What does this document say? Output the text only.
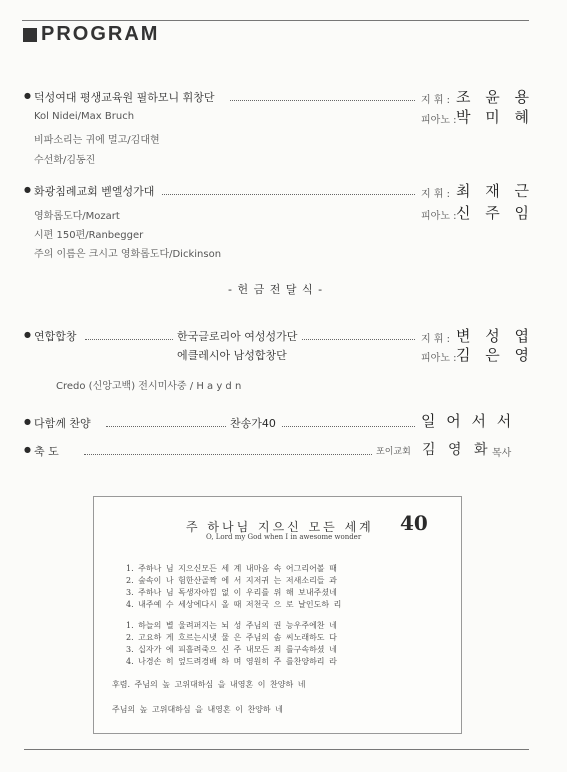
PROGRAM
● 덕성여대 평생교육원 필하모니 휘창단	지 휘 : 조 윤 용
Kol Nidei/Max Bruch	피아노 : 박 미 혜
비파소리는 귀에 멀고/김대현
수선화/김동진
● 화광침례교회 벧엘성가대	지 휘 : 최 재 근
영화롭도다/Mozart	피아노 : 신 주 임
시편 150편/Ranbegger
주의 이름은 크시고 영화롭도다/Dickinson
- 헌 금 전 달 식 -
● 연합합창	한국글로리아 여성성가단	지 휘 : 변 성 엽
에클레시아 남성합창단	피아노 : 김 은 영
Credo (신앙고백) 전시미사중 / H a y d n
● 다함께 찬양	찬송가40	일 어 서 서
● 축 도	포이교회 김 영 화 목사
주 하나님 지으신 모든 세계 40
O, Lord my God when I in awesome wonder
1. 주하나 님 지으신모든 세 계 내마음 속 어그리어볼 때
2. 숲속이 나 험한산골짝 에 서 지저귀 는 저새소리들 과
3. 주하나 님 독생자아낌 없 이 우리를 위 해 보내주셨네
4. 내주예 수 세상에다시 올 때 저천국 으 로 날인도하 리
1. 하늘의 별 울려퍼지는 뇌 성 주님의 권 능우주에찬 네
2. 고요하 게 흐르는시냇 물 은 주님의 솜 씨노래하도 다
3. 십자가 에 피흘려죽으 신 주 내모든 죄 를구속하셨 네
4. 나경손 히 엎드려경배 하 며 영원히 주 를찬양하리 라
후렴. 주님의 높 고위대하심 을 내영혼 이 찬양하 네
주님의 높 고위대하심 을 내영혼 이 찬양하 네
